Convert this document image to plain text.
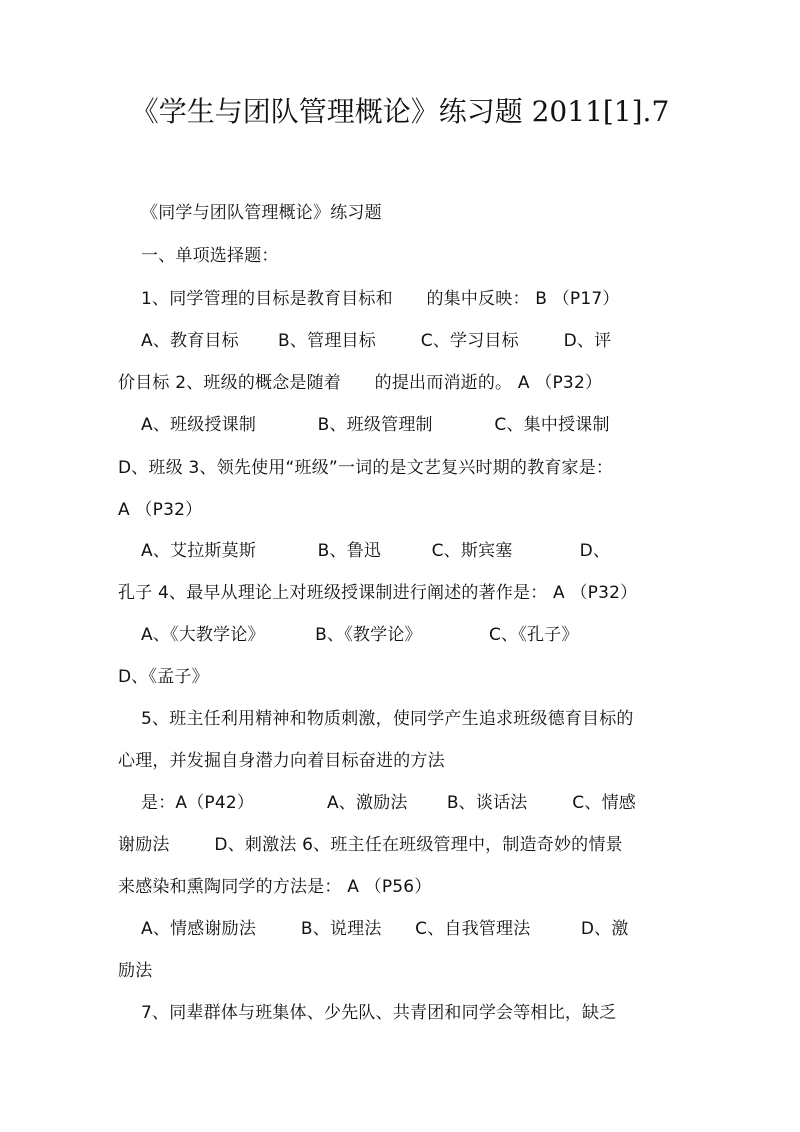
《学生与团队管理概论》练习题 2011[1].7
《同学与团队管理概论》练习题
一、单项选择题：
1、同学管理的目标是教育目标和      的集中反映： B （P17）
A、教育目标       B、管理目标        C、学习目标        D、评
价目标 2、班级的概念是随着      的提出而消逝的。 A （P32）
A、班级授课制           B、班级管理制           C、集中授课制
D、班级 3、领先使用“班级”一词的是文艺复兴时期的教育家是：
A （P32）
A、艾拉斯莫斯           B、鲁迅         C、斯宾塞            D、
孔子 4、最早从理论上对班级授课制进行阐述的著作是： A （P32）
A、《大教学论》         B、《教学论》            C、《孔子》
D、《孟子》
5、班主任利用精神和物质刺激，使同学产生追求班级德育目标的
心理，并发掘自身潜力向着目标奋进的方法
是：A（P42）             A、激励法       B、谈话法        C、情感
谢励法        D、刺激法 6、班主任在班级管理中，制造奇妙的情景
来感染和熏陶同学的方法是： A （P56）
A、情感谢励法        B、说理法      C、自我管理法         D、激
励法
7、同辈群体与班集体、少先队、共青团和同学会等相比，缺乏
